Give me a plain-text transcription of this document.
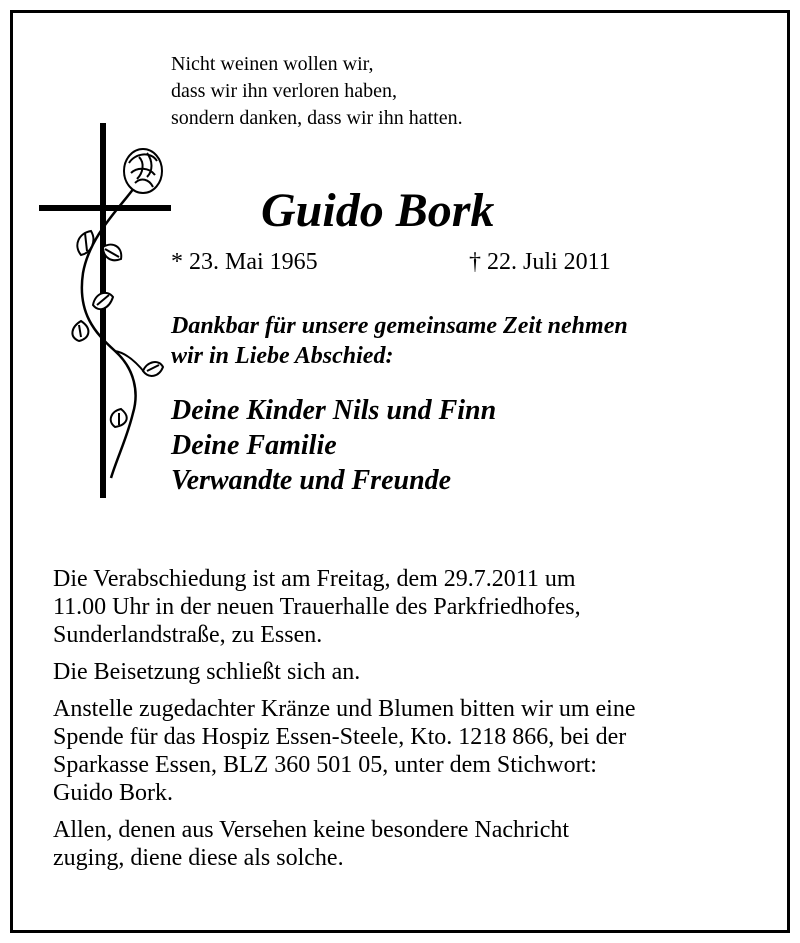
Nicht weinen wollen wir,
dass wir ihn verloren haben,
sondern danken, dass wir ihn hatten.
Guido Bork
* 23. Mai 1965	† 22. Juli 2011
Dankbar für unsere gemeinsame Zeit nehmen
wir in Liebe Abschied:
Deine Kinder Nils und Finn
Deine Familie
Verwandte und Freunde

Die Verabschiedung ist am Freitag, dem 29.7.2011 um
11.00 Uhr in der neuen Trauerhalle des Parkfriedhofes,
Sunderlandstraße, zu Essen.

Die Beisetzung schließt sich an.

Anstelle zugedachter Kränze und Blumen bitten wir um eine
Spende für das Hospiz Essen-Steele, Kto. 1218 866, bei der
Sparkasse Essen, BLZ 360 501 05, unter dem Stichwort:
Guido Bork.

Allen, denen aus Versehen keine besondere Nachricht
zuging, diene diese als solche.
